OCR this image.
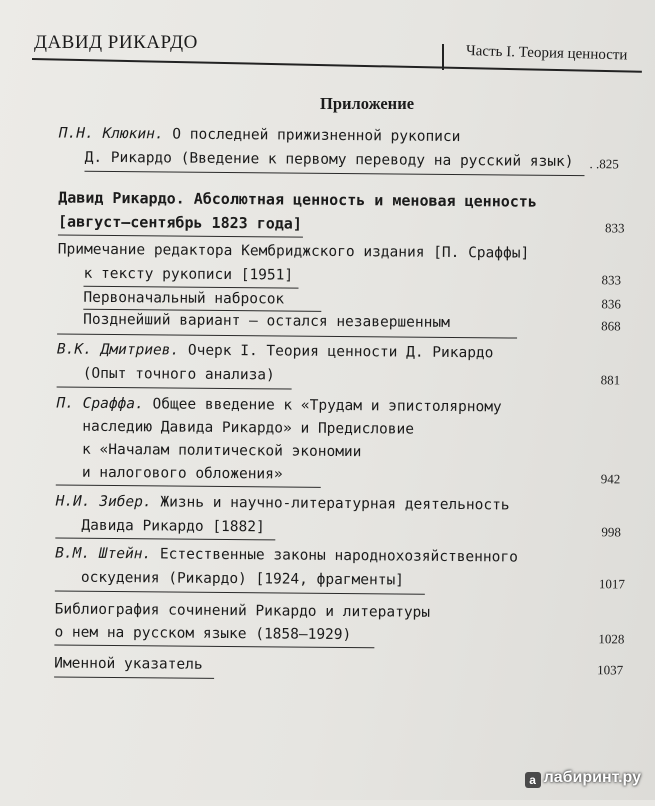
ДАВИД РИКАРДО
Часть I. Теория ценности
Приложение
П.Н. Клюкин. О последней прижизненной рукописи
Д. Рикардо (Введение к первому переводу на русский язык) . .825
Давид Рикардо. Абсолютная ценность и меновая ценность
[август—сентябрь 1823 года]	833
Примечание редактора Кембриджского издания [П. Сраффы]
к тексту рукописи [1951]	833
Первоначальный набросок	836
Позднейший вариант — остался незавершенным	868
В.К. Дмитриев. Очерк I. Теория ценности Д. Рикардо
(Опыт точного анализа)	881
П. Сраффа. Общее введение к «Трудам и эпистолярному
наследию Давида Рикардо» и Предисловие
к «Началам политической экономии
и налогового обложения»	942
Н.И. Зибер. Жизнь и научно-литературная деятельность
Давида Рикардо [1882]	998
В.М. Штейн. Естественные законы народнохозяйственного
оскудения (Рикардо) [1924, фрагменты]	1017
Библиография сочинений Рикардо и литературы
о нем на русском языке (1858—1929)	1028
Именной указатель	1037
а лабиринт.ру
